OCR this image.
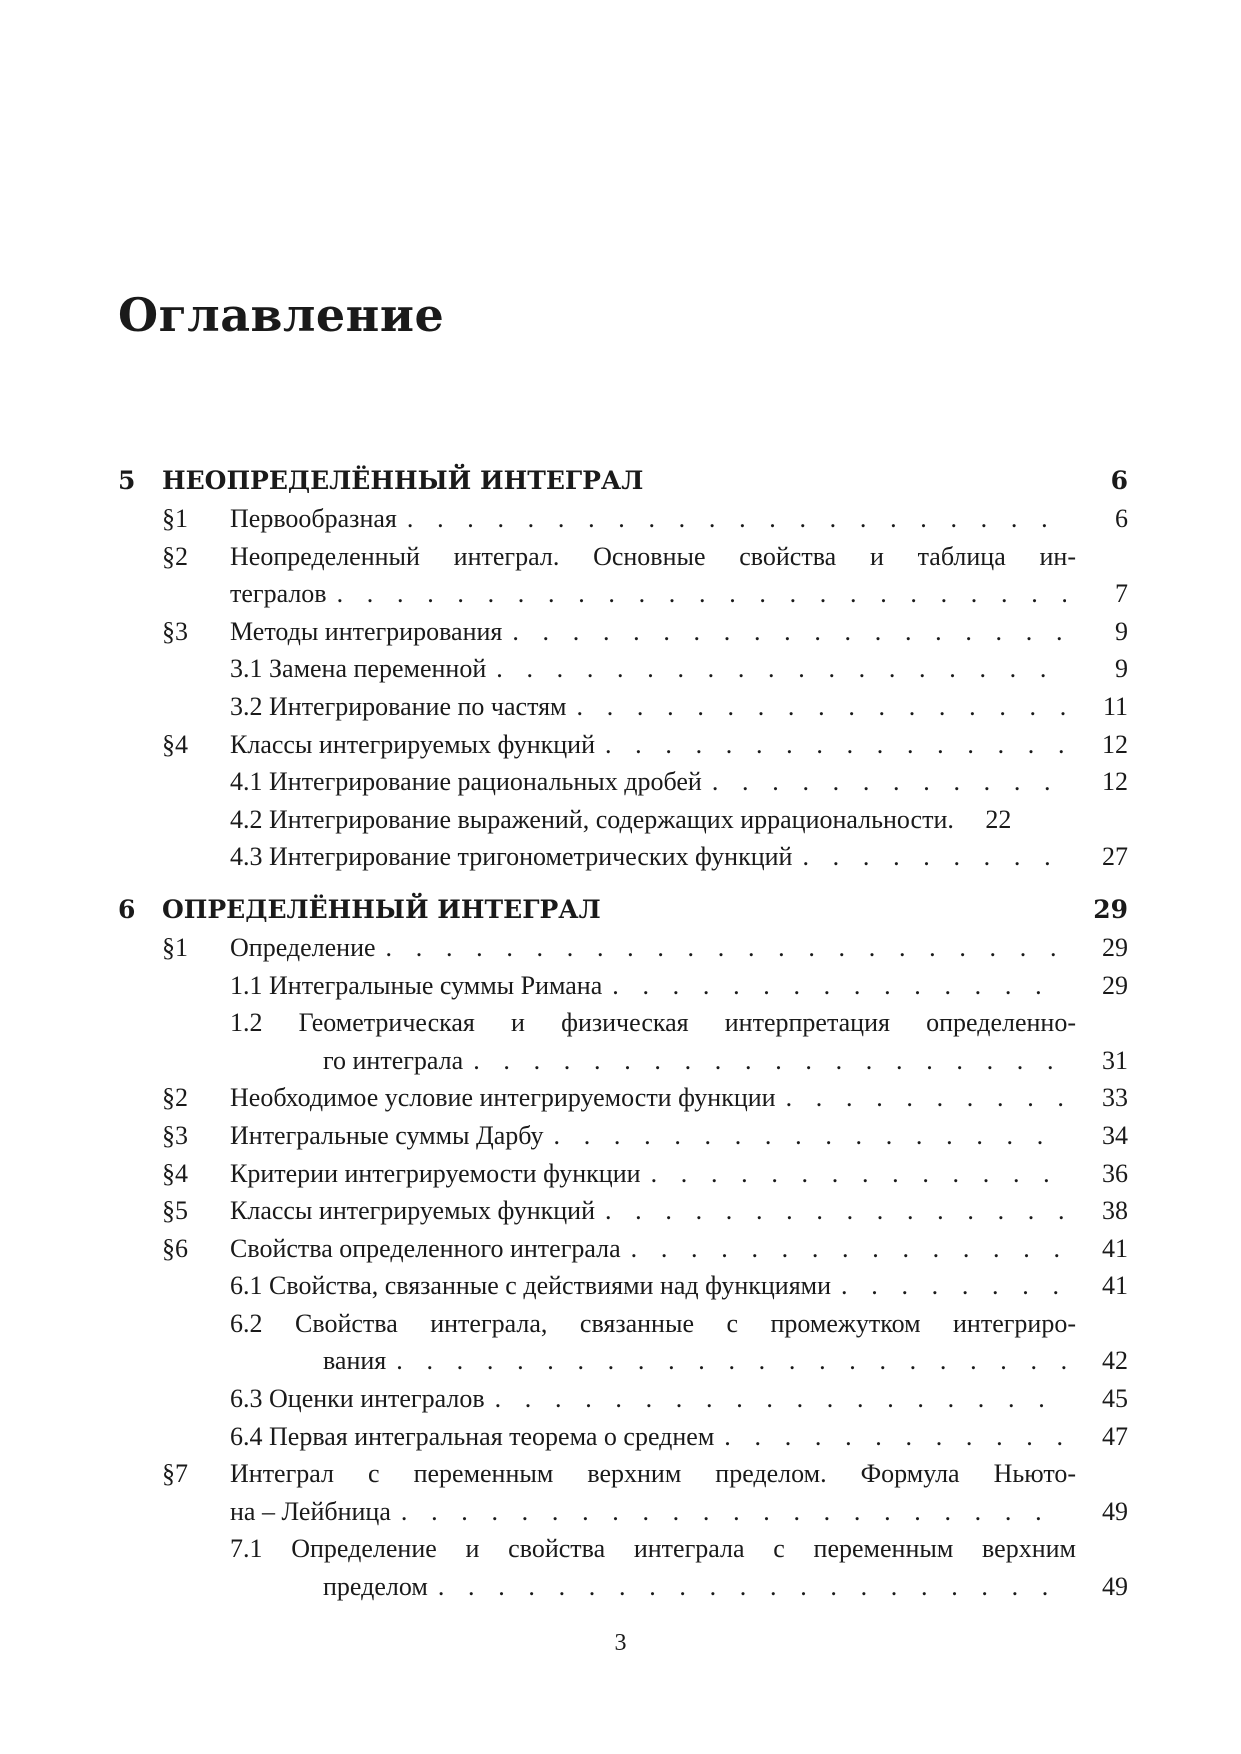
Оглавление
5 НЕОПРЕДЕЛЁННЫЙ ИНТЕГРАЛ	6
§1 Первообразная . . .	6
§2 Неопределенный интеграл. Основные свойства и таблица ин-
тегралов . . .	7
§3 Методы интегрирования . . .	9
3.1 Замена переменной . . .	9
3.2 Интегрирование по частям . . .	11
§4 Классы интегрируемых функций . . .	12
4.1 Интегрирование рациональных дробей . . .	12
4.2 Интегрирование выражений, содержащих иррациональности . . .	22
4.3 Интегрирование тригонометрических функций . . .	27
6 ОПРЕДЕЛЁННЫЙ ИНТЕГРАЛ	29
§1 Определение . . .	29
1.1 Интегралыные суммы Римана . . .	29
1.2 Геометрическая и физическая интерпретация определенно-
го интеграла . . .	31
§2 Необходимое условие интегрируемости функции . . .	33
§3 Интегральные суммы Дарбу . . .	34
§4 Критерии интегрируемости функции . . .	36
§5 Классы интегрируемых функций . . .	38
§6 Свойства определенного интеграла . . .	41
6.1 Свойства, связанные с действиями над функциями . . .	41
6.2 Свойства интеграла, связанные с промежутком интегриро-
вания . . .	42
6.3 Оценки интегралов . . .	45
6.4 Первая интегральная теорема о среднем . . .	47
§7 Интеграл с переменным верхним пределом. Формула Ньюто-
на – Лейбница . . .	49
7.1 Определение и свойства интеграла с переменным верхним
пределом . . .	49
3
